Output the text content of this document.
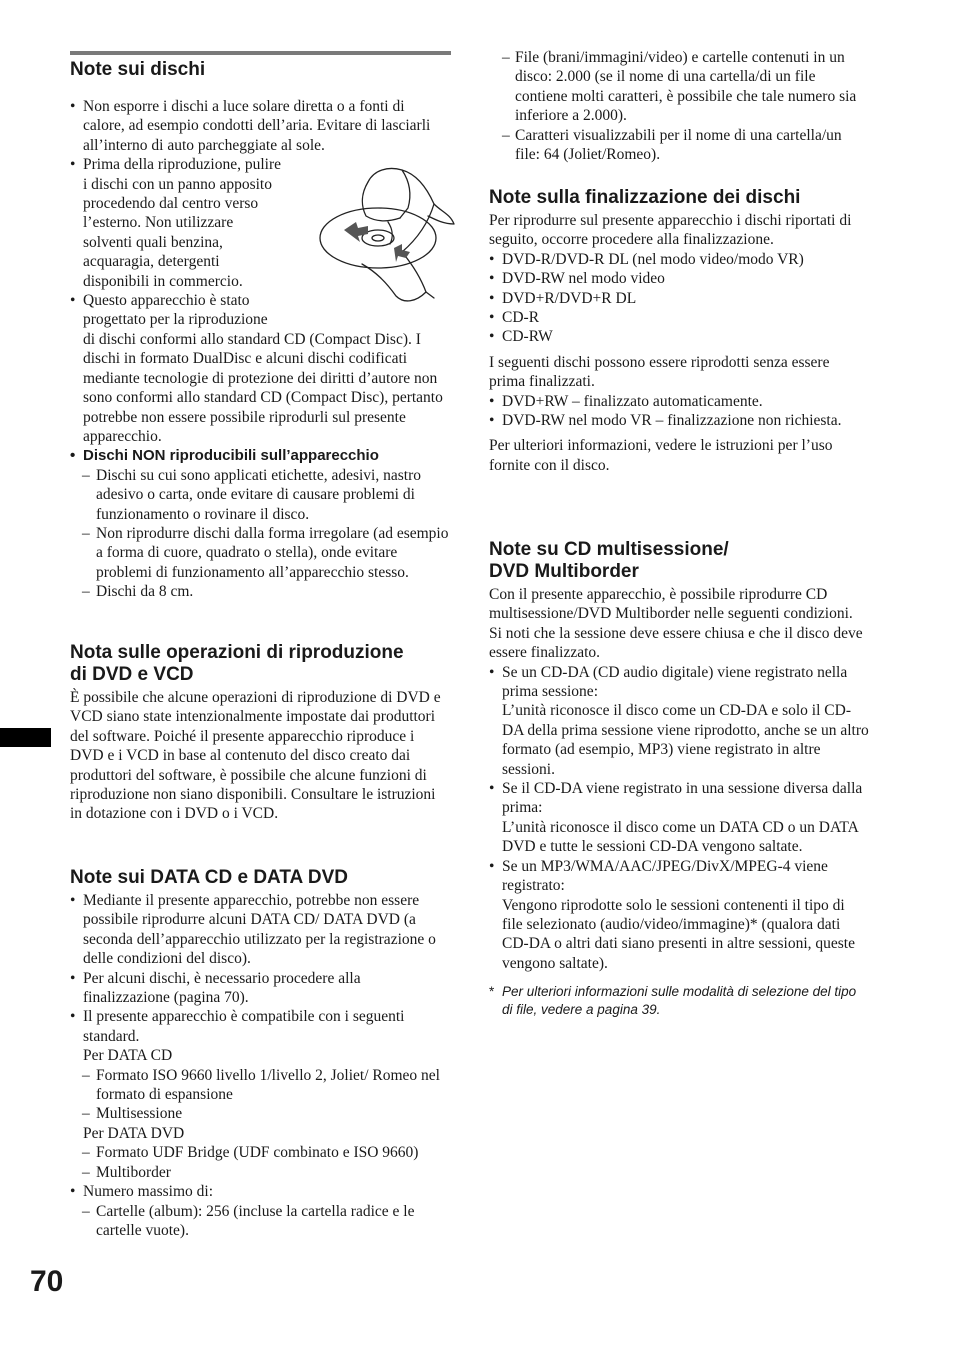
70
Note sui dischi
• Non esporre i dischi a luce solare diretta o a fonti di calore, ad esempio condotti dell’aria. Evitare di lasciarli all’interno di auto parcheggiate al sole.
• Prima della riproduzione, pulire
i dischi con un panno apposito
procedendo dal centro verso
l’esterno. Non utilizzare
solventi quali benzina,
acquaragia, detergenti
disponibili in commercio.
• Questo apparecchio è stato
progettato per la riproduzione
di dischi conformi allo standard CD (Compact Disc). I dischi in formato DualDisc e alcuni dischi codificati mediante tecnologie di protezione dei diritti d’autore non sono conformi allo standard CD (Compact Disc), pertanto potrebbe non essere possibile riprodurli sul presente apparecchio.
• Dischi NON riproducibili sull’apparecchio
– Dischi su cui sono applicati etichette, adesivi, nastro adesivo o carta, onde evitare di causare problemi di funzionamento o rovinare il disco.
– Non riprodurre dischi dalla forma irregolare (ad esempio a forma di cuore, quadrato o stella), onde evitare problemi di funzionamento all’apparecchio stesso.
– Dischi da 8 cm.
Nota sulle operazioni di riproduzione
di DVD e VCD
È possibile che alcune operazioni di riproduzione di DVD e VCD siano state intenzionalmente impostate dai produttori del software. Poiché il presente apparecchio riproduce i DVD e i VCD in base al contenuto del disco creato dai produttori del software, è possibile che alcune funzioni di riproduzione non siano disponibili. Consultare le istruzioni in dotazione con i DVD o i VCD.
Note sui DATA CD e DATA DVD
• Mediante il presente apparecchio, potrebbe non essere possibile riprodurre alcuni DATA CD/ DATA DVD (a seconda dell’apparecchio utilizzato per la registrazione o delle condizioni del disco).
• Per alcuni dischi, è necessario procedere alla finalizzazione (pagina 70).
• Il presente apparecchio è compatibile con i seguenti standard.
Per DATA CD
– Formato ISO 9660 livello 1/livello 2, Joliet/ Romeo nel formato di espansione
– Multisessione
Per DATA DVD
– Formato UDF Bridge (UDF combinato e ISO 9660)
– Multiborder
• Numero massimo di:
– Cartelle (album): 256 (incluse la cartella radice e le cartelle vuote).
– File (brani/immagini/video) e cartelle contenuti in un disco: 2.000 (se il nome di una cartella/di un file contiene molti caratteri, è possibile che tale numero sia inferiore a 2.000).
– Caratteri visualizzabili per il nome di una cartella/un file: 64 (Joliet/Romeo).
Note sulla finalizzazione dei dischi
Per riprodurre sul presente apparecchio i dischi riportati di seguito, occorre procedere alla finalizzazione.
• DVD-R/DVD-R DL (nel modo video/modo VR)
• DVD-RW nel modo video
• DVD+R/DVD+R DL
• CD-R
• CD-RW
I seguenti dischi possono essere riprodotti senza essere prima finalizzati.
• DVD+RW – finalizzato automaticamente.
• DVD-RW nel modo VR – finalizzazione non richiesta.
Per ulteriori informazioni, vedere le istruzioni per l’uso fornite con il disco.
Note su CD multisessione/
DVD Multiborder
Con il presente apparecchio, è possibile riprodurre CD multisessione/DVD Multiborder nelle seguenti condizioni. Si noti che la sessione deve essere chiusa e che il disco deve essere finalizzato.
• Se un CD-DA (CD audio digitale) viene registrato nella prima sessione:
L’unità riconosce il disco come un CD-DA e solo il CD-DA della prima sessione viene riprodotto, anche se un altro formato (ad esempio, MP3) viene registrato in altre sessioni.
• Se il CD-DA viene registrato in una sessione diversa dalla prima:
L’unità riconosce il disco come un DATA CD o un DATA DVD e tutte le sessioni CD-DA vengono saltate.
• Se un MP3/WMA/AAC/JPEG/DivX/MPEG-4 viene registrato:
Vengono riprodotte solo le sessioni contenenti il tipo di file selezionato (audio/video/immagine)* (qualora dati CD-DA o altri dati siano presenti in altre sessioni, queste vengono saltate).
* Per ulteriori informazioni sulle modalità di selezione del tipo di file, vedere a pagina 39.
